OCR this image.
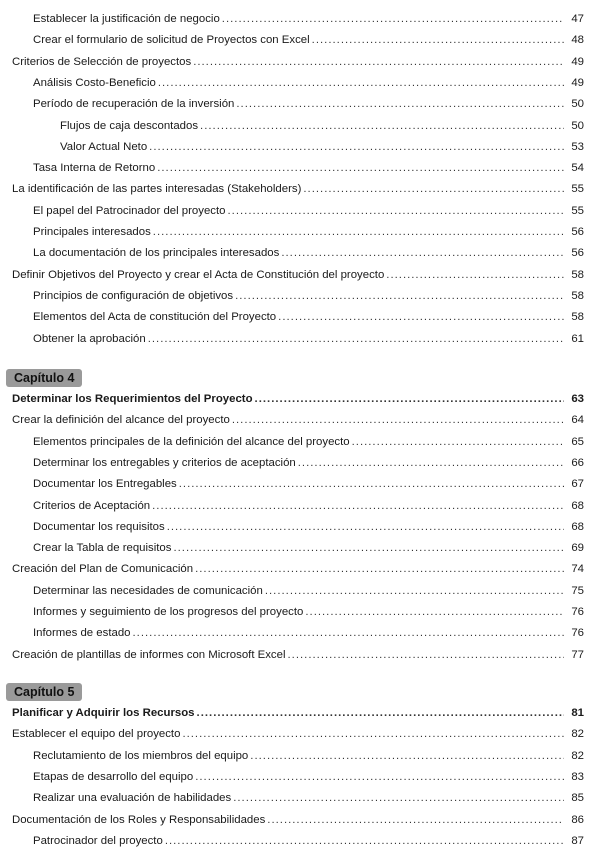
Establecer la justificación de negocio .....	47
Crear el formulario de solicitud de Proyectos con Excel .....	48
Criterios de Selección de proyectos .....	49
Análisis Costo-Beneficio .....	49
Período de recuperación de la inversión .....	50
Flujos de caja descontados .....	50
Valor Actual Neto .....	53
Tasa Interna de Retorno .....	54
La identificación de las partes interesadas (Stakeholders) .....	55
El papel del Patrocinador del proyecto .....	55
Principales interesados .....	56
La documentación de los principales interesados .....	56
Definir Objetivos del Proyecto y crear el Acta de Constitución del proyecto .....	58
Principios de configuración de objetivos .....	58
Elementos del Acta de constitución del Proyecto .....	58
Obtener la aprobación .....	61
Capítulo 4
Determinar los Requerimientos del Proyecto .....	63
Crear la definición del alcance del proyecto .....	64
Elementos principales de la definición del alcance del proyecto .....	65
Determinar los entregables y criterios de aceptación .....	66
Documentar los Entregables .....	67
Criterios de Aceptación .....	68
Documentar los requisitos .....	68
Crear la Tabla de requisitos .....	69
Creación del Plan de Comunicación .....	74
Determinar las necesidades de comunicación .....	75
Informes y seguimiento de los progresos del proyecto .....	76
Informes de estado .....	76
Creación de plantillas de informes con Microsoft Excel .....	77
Capítulo 5
Planificar y Adquirir los Recursos .....	81
Establecer el equipo del proyecto .....	82
Reclutamiento de los miembros del equipo .....	82
Etapas de desarrollo del equipo .....	83
Realizar una evaluación de habilidades .....	85
Documentación de los Roles y Responsabilidades .....	86
Patrocinador del proyecto .....	87
